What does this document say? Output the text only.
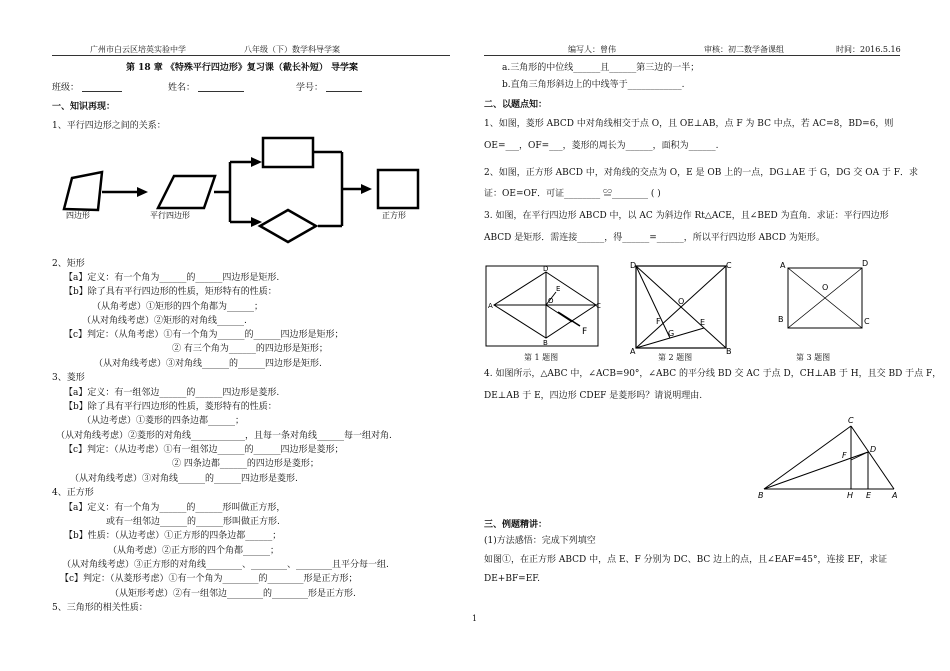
广州市白云区培英实验中学	八年级（下）数学科导学案	编写人：曾伟	审核：初二数学备课组	时间：2016.5.16
第 18 章 《特殊平行四边形》复习课（截长补短） 导学案
班级：	姓名：	学号：
一、知识再现：
1、平行四边形之间的关系：
四边形	平行四边形	正方形
2、矩形
【a】定义：有一个角为______的______四边形是矩形.
【b】除了具有平行四边形的性质，矩形特有的性质：
（从角考虑）①矩形的四个角都为______；
（从对角线考虑）②矩形的对角线______.
【c】判定：（从角考虑）①有一个角为______的______四边形是矩形；
② 有三个角为______的四边形是矩形；
（从对角线考虑）③对角线______的______四边形是矩形.
3、菱形
【a】定义：有一组邻边______的______四边形是菱形.
【b】除了具有平行四边形的性质，菱形特有的性质：
（从边考虑）①菱形的四条边都______；
（从对角线考虑）②菱形的对角线____________，且每一条对角线______每一组对角.
【c】判定：（从边考虑）①有一组邻边______的______四边形是菱形；
② 四条边都______的四边形是菱形；
（从对角线考虑）③对角线______的______四边形是菱形.
4、正方形
【a】定义：有一个角为______的______形叫做正方形，
或有一组邻边______的______形叫做正方形.
【b】性质：（从边考虑）①正方形的四条边都______；
（从角考虑）②正方形的四个角都______；
（从对角线考虑）③正方形的对角线________、________、________且平分每一组.
【c】判定：（从菱形考虑）①有一个角为________的________形是正方形；
（从矩形考虑）②有一组邻边________的________形是正方形.
5、三角形的相关性质：
a.三角形的中位线______且______第三边的一半；
b.直角三角形斜边上的中线等于____________.
二、以题点知：
1、如图，菱形 ABCD 中对角线相交于点 O，且 OE⊥AB，点 F 为 BC 中点，若 AC=8，BD=6，则
OE=___，OF=___，菱形的周长为______，面积为______.
2、如图，正方形 ABCD 中，对角线的交点为 O，E 是 OB 上的一点，DG⊥AE 于 G，DG 交 OA 于 F．求
证：OE=OF．可证________ ≌________ ( )
3. 如图，在平行四边形 ABCD 中，以 AC 为斜边作 Rt△ACE，且∠BED 为直角．求证：平行四边形
ABCD 是矩形．需连接______，得______=______，所以平行四边形 ABCD 为矩形。
D
A	C
B
E
O
F
第 1 题图
D	C
A	B
O
F	E
G
第 2 题图
A	D
O
B	C
第 3 题图
4. 如图所示，△ABC 中，∠ACB=90°，∠ABC 的平分线 BD 交 AC 于点 D，CH⊥AB 于 H，且交 BD 于点 F，
DE⊥AB 于 E，四边形 CDEF 是菱形吗？请说明理由.
C
D
F
B	H E	A
三、例题精讲：
(1)方法感悟：完成下列填空
如图①，在正方形 ABCD 中，点 E、F 分别为 DC、BC 边上的点，且∠EAF=45°，连接 EF，求证
DE+BF=EF.
1
